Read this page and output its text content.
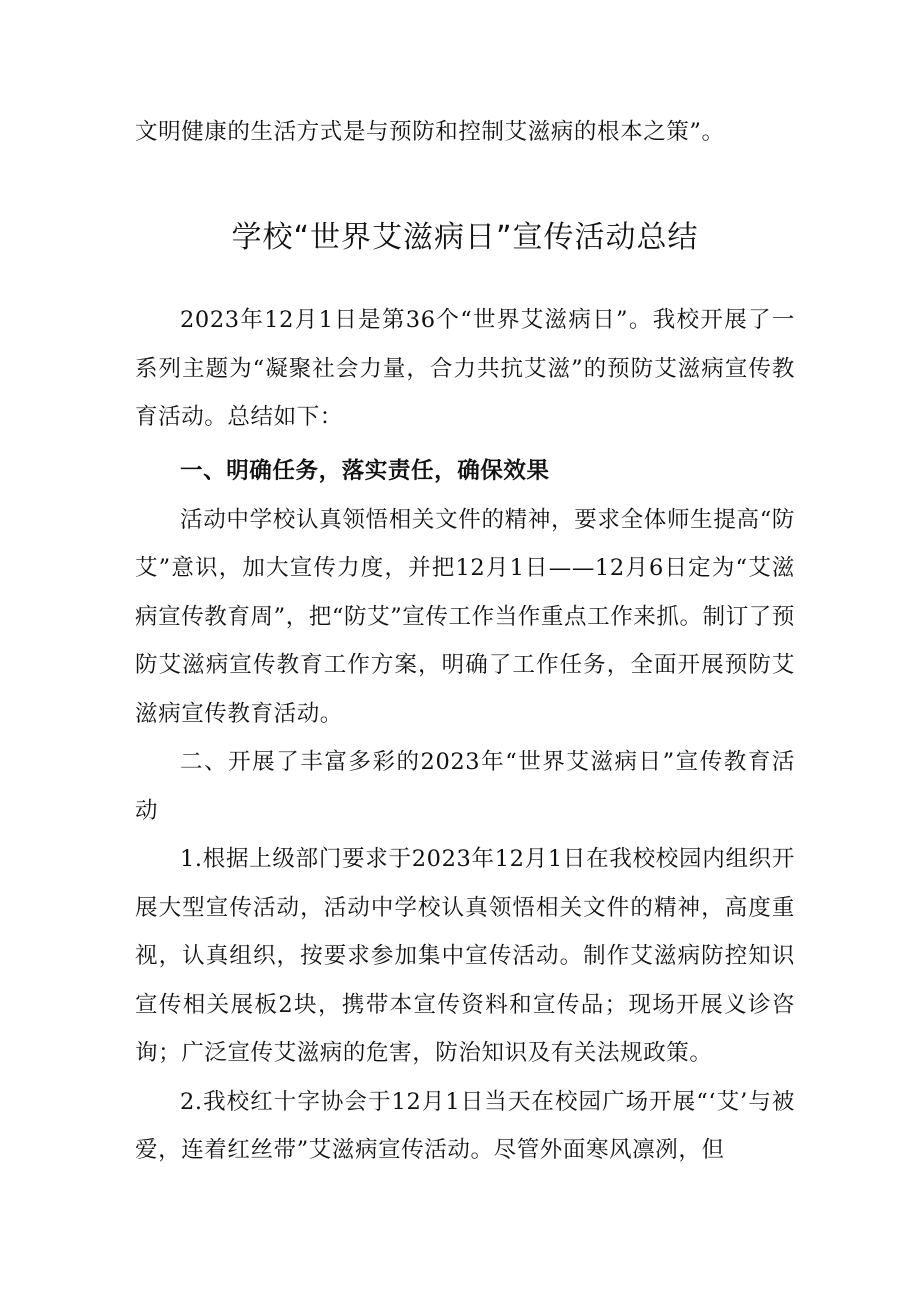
文明健康的生活方式是与预防和控制艾滋病的根本之策”。

学校“世界艾滋病日”宣传活动总结

2023年12月1日是第36个“世界艾滋病日”。我校开展了一系列主题为“凝聚社会力量，合力共抗艾滋”的预防艾滋病宣传教育活动。总结如下：

一、明确任务，落实责任，确保效果

活动中学校认真领悟相关文件的精神，要求全体师生提高“防艾”意识，加大宣传力度，并把12月1日——12月6日定为“艾滋病宣传教育周”，把“防艾”宣传工作当作重点工作来抓。制订了预防艾滋病宣传教育工作方案，明确了工作任务，全面开展预防艾滋病宣传教育活动。

二、开展了丰富多彩的2023年“世界艾滋病日”宣传教育活动

1.根据上级部门要求于2023年12月1日在我校校园内组织开展大型宣传活动，活动中学校认真领悟相关文件的精神，高度重视，认真组织，按要求参加集中宣传活动。制作艾滋病防控知识宣传相关展板2块，携带本宣传资料和宣传品；现场开展义诊咨询；广泛宣传艾滋病的危害，防治知识及有关法规政策。

2.我校红十字协会于12月1日当天在校园广场开展“‘艾’与被爱，连着红丝带”艾滋病宣传活动。尽管外面寒风凛冽，但
